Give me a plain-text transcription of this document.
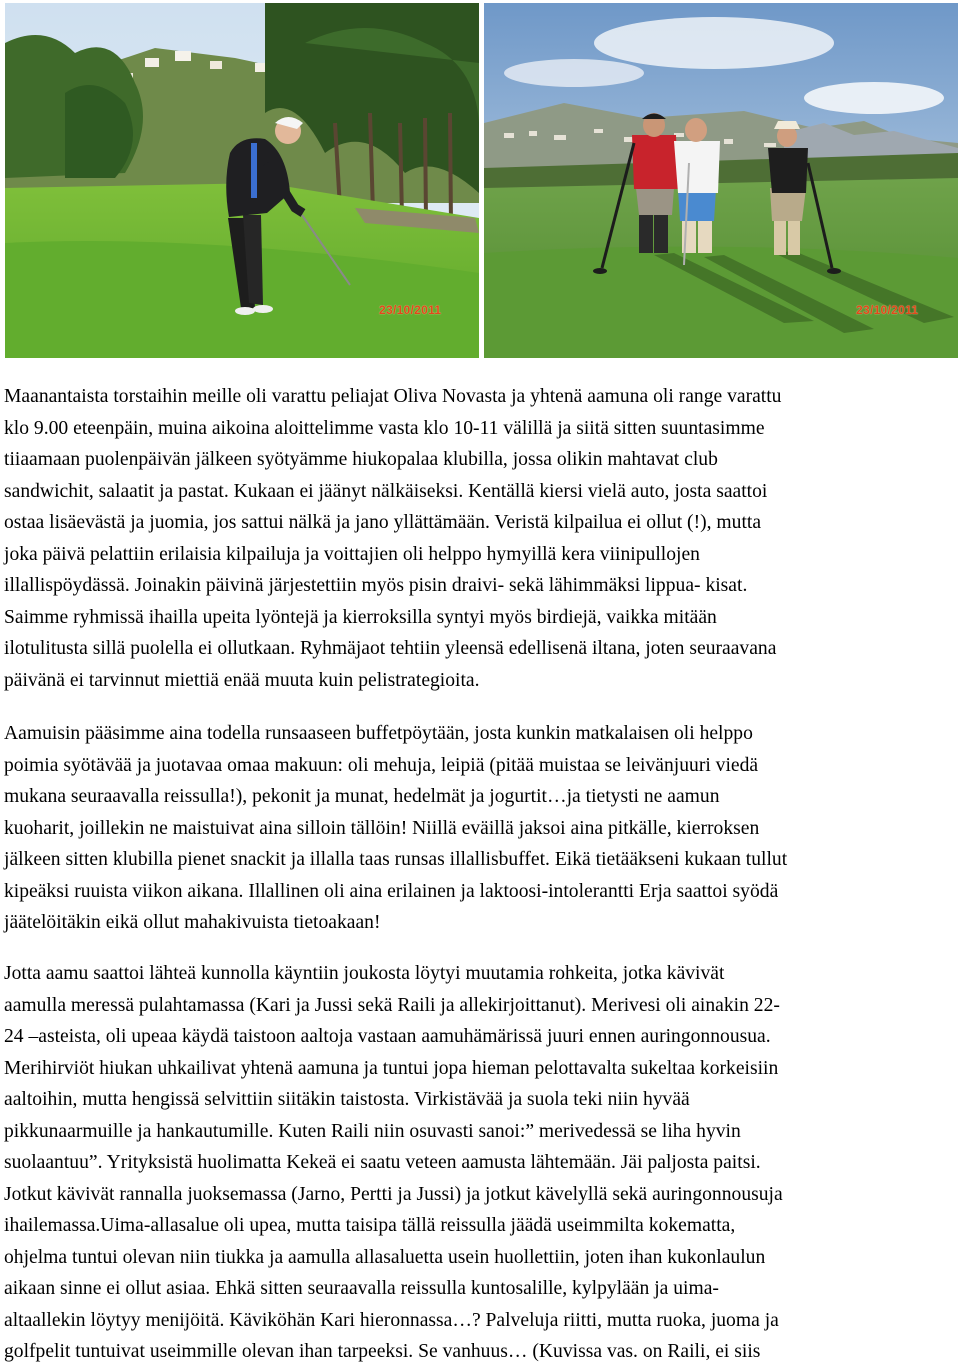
23/10/2011	23/10/2011
Maanantaista torstaihin meille oli varattu peliajat Oliva Novasta ja yhtenä aamuna oli range varattu
klo 9.00 eteenpäin, muina aikoina aloittelimme vasta klo 10-11 välillä ja siitä sitten suuntasimme
tiiaamaan puolenpäivän jälkeen syötyämme hiukopalaa klubilla, jossa olikin mahtavat club
sandwichit, salaatit ja pastat. Kukaan ei jäänyt nälkäiseksi. Kentällä kiersi vielä auto, josta saattoi
ostaa lisäevästä ja juomia, jos sattui nälkä ja jano yllättämään. Veristä kilpailua ei ollut (!), mutta
joka päivä pelattiin erilaisia kilpailuja ja voittajien oli helppo hymyillä kera viinipullojen
illallispöydässä. Joinakin päivinä järjestettiin myös pisin draivi- sekä lähimmäksi lippua- kisat.
Saimme ryhmissä ihailla upeita lyöntejä ja kierroksilla syntyi myös birdiejä, vaikka mitään
ilotulitusta sillä puolella ei ollutkaan. Ryhmäjaot tehtiin yleensä edellisenä iltana, joten seuraavana
päivänä ei tarvinnut miettiä enää muuta kuin pelistrategioita.
Aamuisin pääsimme aina todella runsaaseen buffetpöytään, josta kunkin matkalaisen oli helppo
poimia syötävää ja juotavaa omaa makuun: oli mehuja, leipiä (pitää muistaa se leivänjuuri viedä
mukana seuraavalla reissulla!), pekonit ja munat, hedelmät ja jogurtit…ja tietysti ne aamun
kuoharit, joillekin ne maistuivat aina silloin tällöin! Niillä eväillä jaksoi aina pitkälle, kierroksen
jälkeen sitten klubilla pienet snackit ja illalla taas runsas illallisbuffet. Eikä tietääkseni kukaan tullut
kipeäksi ruuista viikon aikana. Illallinen oli aina erilainen ja laktoosi-intolerantti Erja saattoi syödä
jäätelöitäkin eikä ollut mahakivuista tietoakaan!
Jotta aamu saattoi lähteä kunnolla käyntiin joukosta löytyi muutamia rohkeita, jotka kävivät
aamulla meressä pulahtamassa (Kari ja Jussi sekä Raili ja allekirjoittanut). Merivesi oli ainakin 22-
24 –asteista, oli upeaa käydä taistoon aaltoja vastaan aamuhämärissä juuri ennen auringonnousua.
Merihirviöt hiukan uhkailivat yhtenä aamuna ja tuntui jopa hieman pelottavalta sukeltaa korkeisiin
aaltoihin, mutta hengissä selvittiin siitäkin taistosta. Virkistävää ja suola teki niin hyvää
pikkunaarmuille ja hankautumille. Kuten Raili niin osuvasti sanoi:” merivedessä se liha hyvin
suolaantuu”. Yrityksistä huolimatta Kekeä ei saatu veteen aamusta lähtemään. Jäi paljosta paitsi.
Jotkut kävivät rannalla juoksemassa (Jarno, Pertti ja Jussi) ja jotkut kävelyllä sekä auringonnousuja
ihailemassa.Uima-allasalue oli upea, mutta taisipa tällä reissulla jäädä useimmilta kokematta,
ohjelma tuntui olevan niin tiukka ja aamulla allasaluetta usein huollettiin, joten ihan kukonlaulun
aikaan sinne ei ollut asiaa. Ehkä sitten seuraavalla reissulla kuntosalille, kylpylään ja uima-
altaallekin löytyy menijöitä. Käviköhän Kari hieronnassa…? Palveluja riitti, mutta ruoka, juoma ja
golfpelit tuntuivat useimmille olevan ihan tarpeeksi. Se vanhuus… (Kuvissa vas. on Raili, ei siis
